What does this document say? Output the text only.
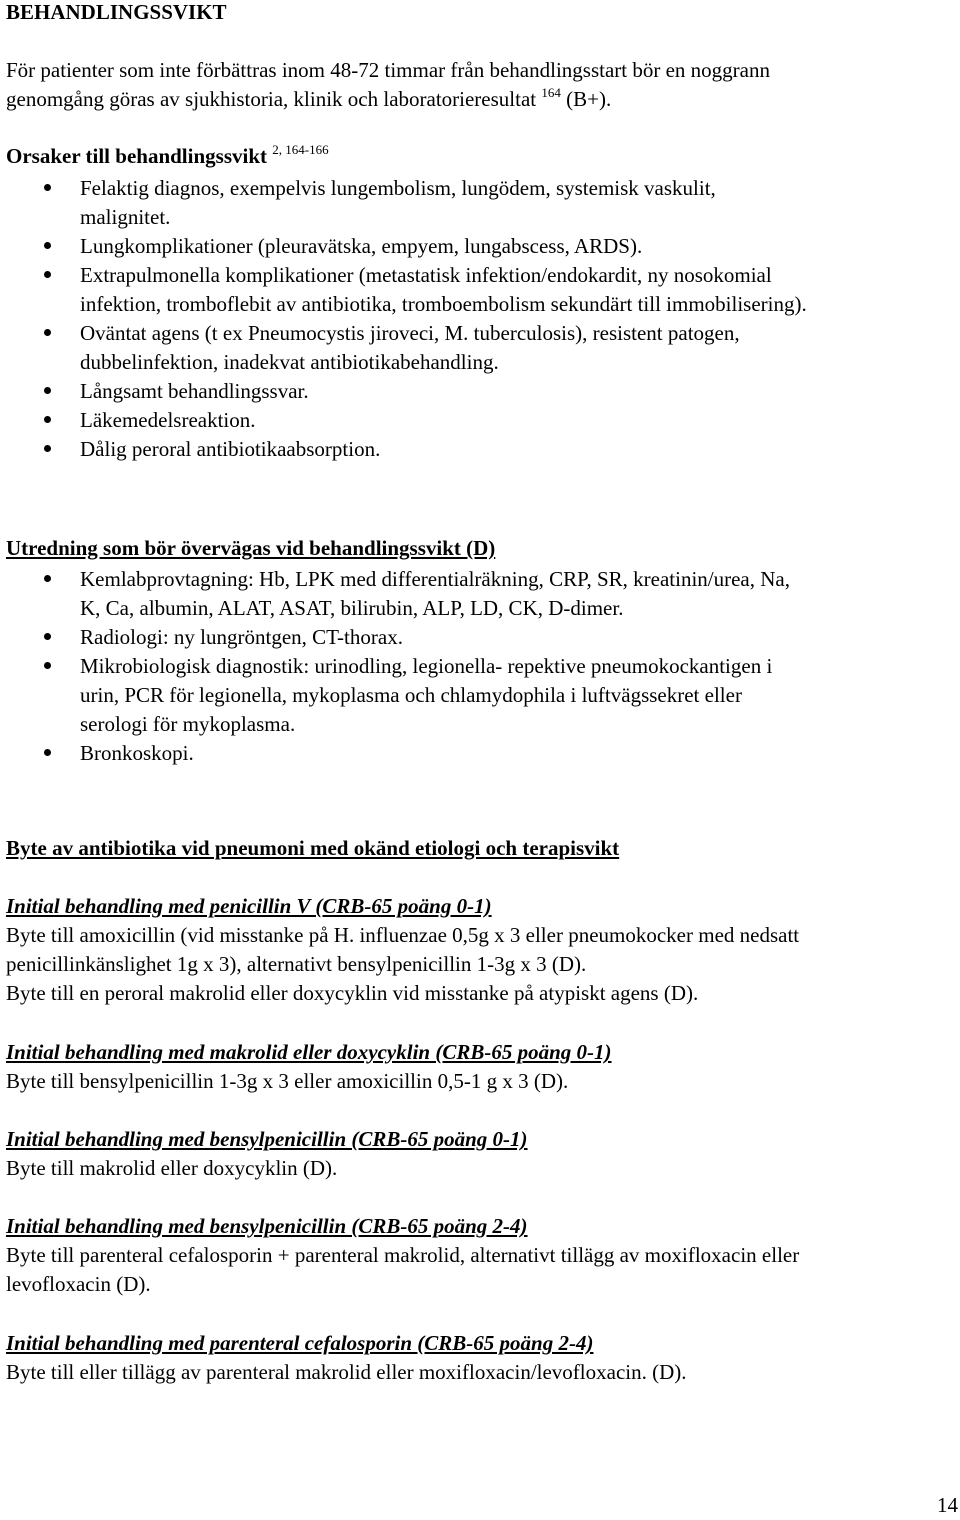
BEHANDLINGSSVIKT
För patienter som inte förbättras inom 48-72 timmar från behandlingsstart bör en noggrann
genomgång göras av sjukhistoria, klinik och laboratorieresultat $^{164}$ (B+).
Orsaker till behandlingssvikt $^{2, 164-166}$
Felaktig diagnos, exempelvis lungembolism, lungödem, systemisk vaskulit,
malignitet.
Lungkomplikationer (pleuravätska, empyem, lungabscess, ARDS).
Extrapulmonella komplikationer (metastatisk infektion/endokardit, ny nosokomial
infektion, tromboflebit av antibiotika, tromboembolism sekundärt till immobilisering).
Oväntat agens (t ex Pneumocystis jiroveci, M. tuberculosis), resistent patogen,
dubbelinfektion, inadekvat antibiotikabehandling.
Långsamt behandlingssvar.
Läkemedelsreaktion.
Dålig peroral antibiotikaabsorption.
Utredning som bör övervägas vid behandlingssvikt (D)
Kemlabprovtagning: Hb, LPK med differentialräkning, CRP, SR, kreatinin/urea, Na,
K, Ca, albumin, ALAT, ASAT, bilirubin, ALP, LD, CK, D-dimer.
Radiologi: ny lungröntgen, CT-thorax.
Mikrobiologisk diagnostik: urinodling, legionella- repektive pneumokockantigen i
urin, PCR för legionella, mykoplasma och chlamydophila i luftvägssekret eller
serologi för mykoplasma.
Bronkoskopi.
Byte av antibiotika vid pneumoni med okänd etiologi och terapisvikt
Initial behandling med penicillin V (CRB-65 poäng 0-1)
Byte till amoxicillin (vid misstanke på H. influenzae 0,5g x 3 eller pneumokocker med nedsatt
penicillinkänslighet 1g x 3), alternativt bensylpenicillin 1-3g x 3 (D).
Byte till en peroral makrolid eller doxycyklin vid misstanke på atypiskt agens (D).
Initial behandling med makrolid eller doxycyklin (CRB-65 poäng 0-1)
Byte till bensylpenicillin 1-3g x 3 eller amoxicillin 0,5-1 g x 3 (D).
Initial behandling med bensylpenicillin (CRB-65 poäng 0-1)
Byte till makrolid eller doxycyklin (D).
Initial behandling med bensylpenicillin (CRB-65 poäng 2-4)
Byte till parenteral cefalosporin + parenteral makrolid, alternativt tillägg av moxifloxacin eller
levofloxacin (D).
Initial behandling med parenteral cefalosporin (CRB-65 poäng 2-4)
Byte till eller tillägg av parenteral makrolid eller moxifloxacin/levofloxacin. (D).
14
